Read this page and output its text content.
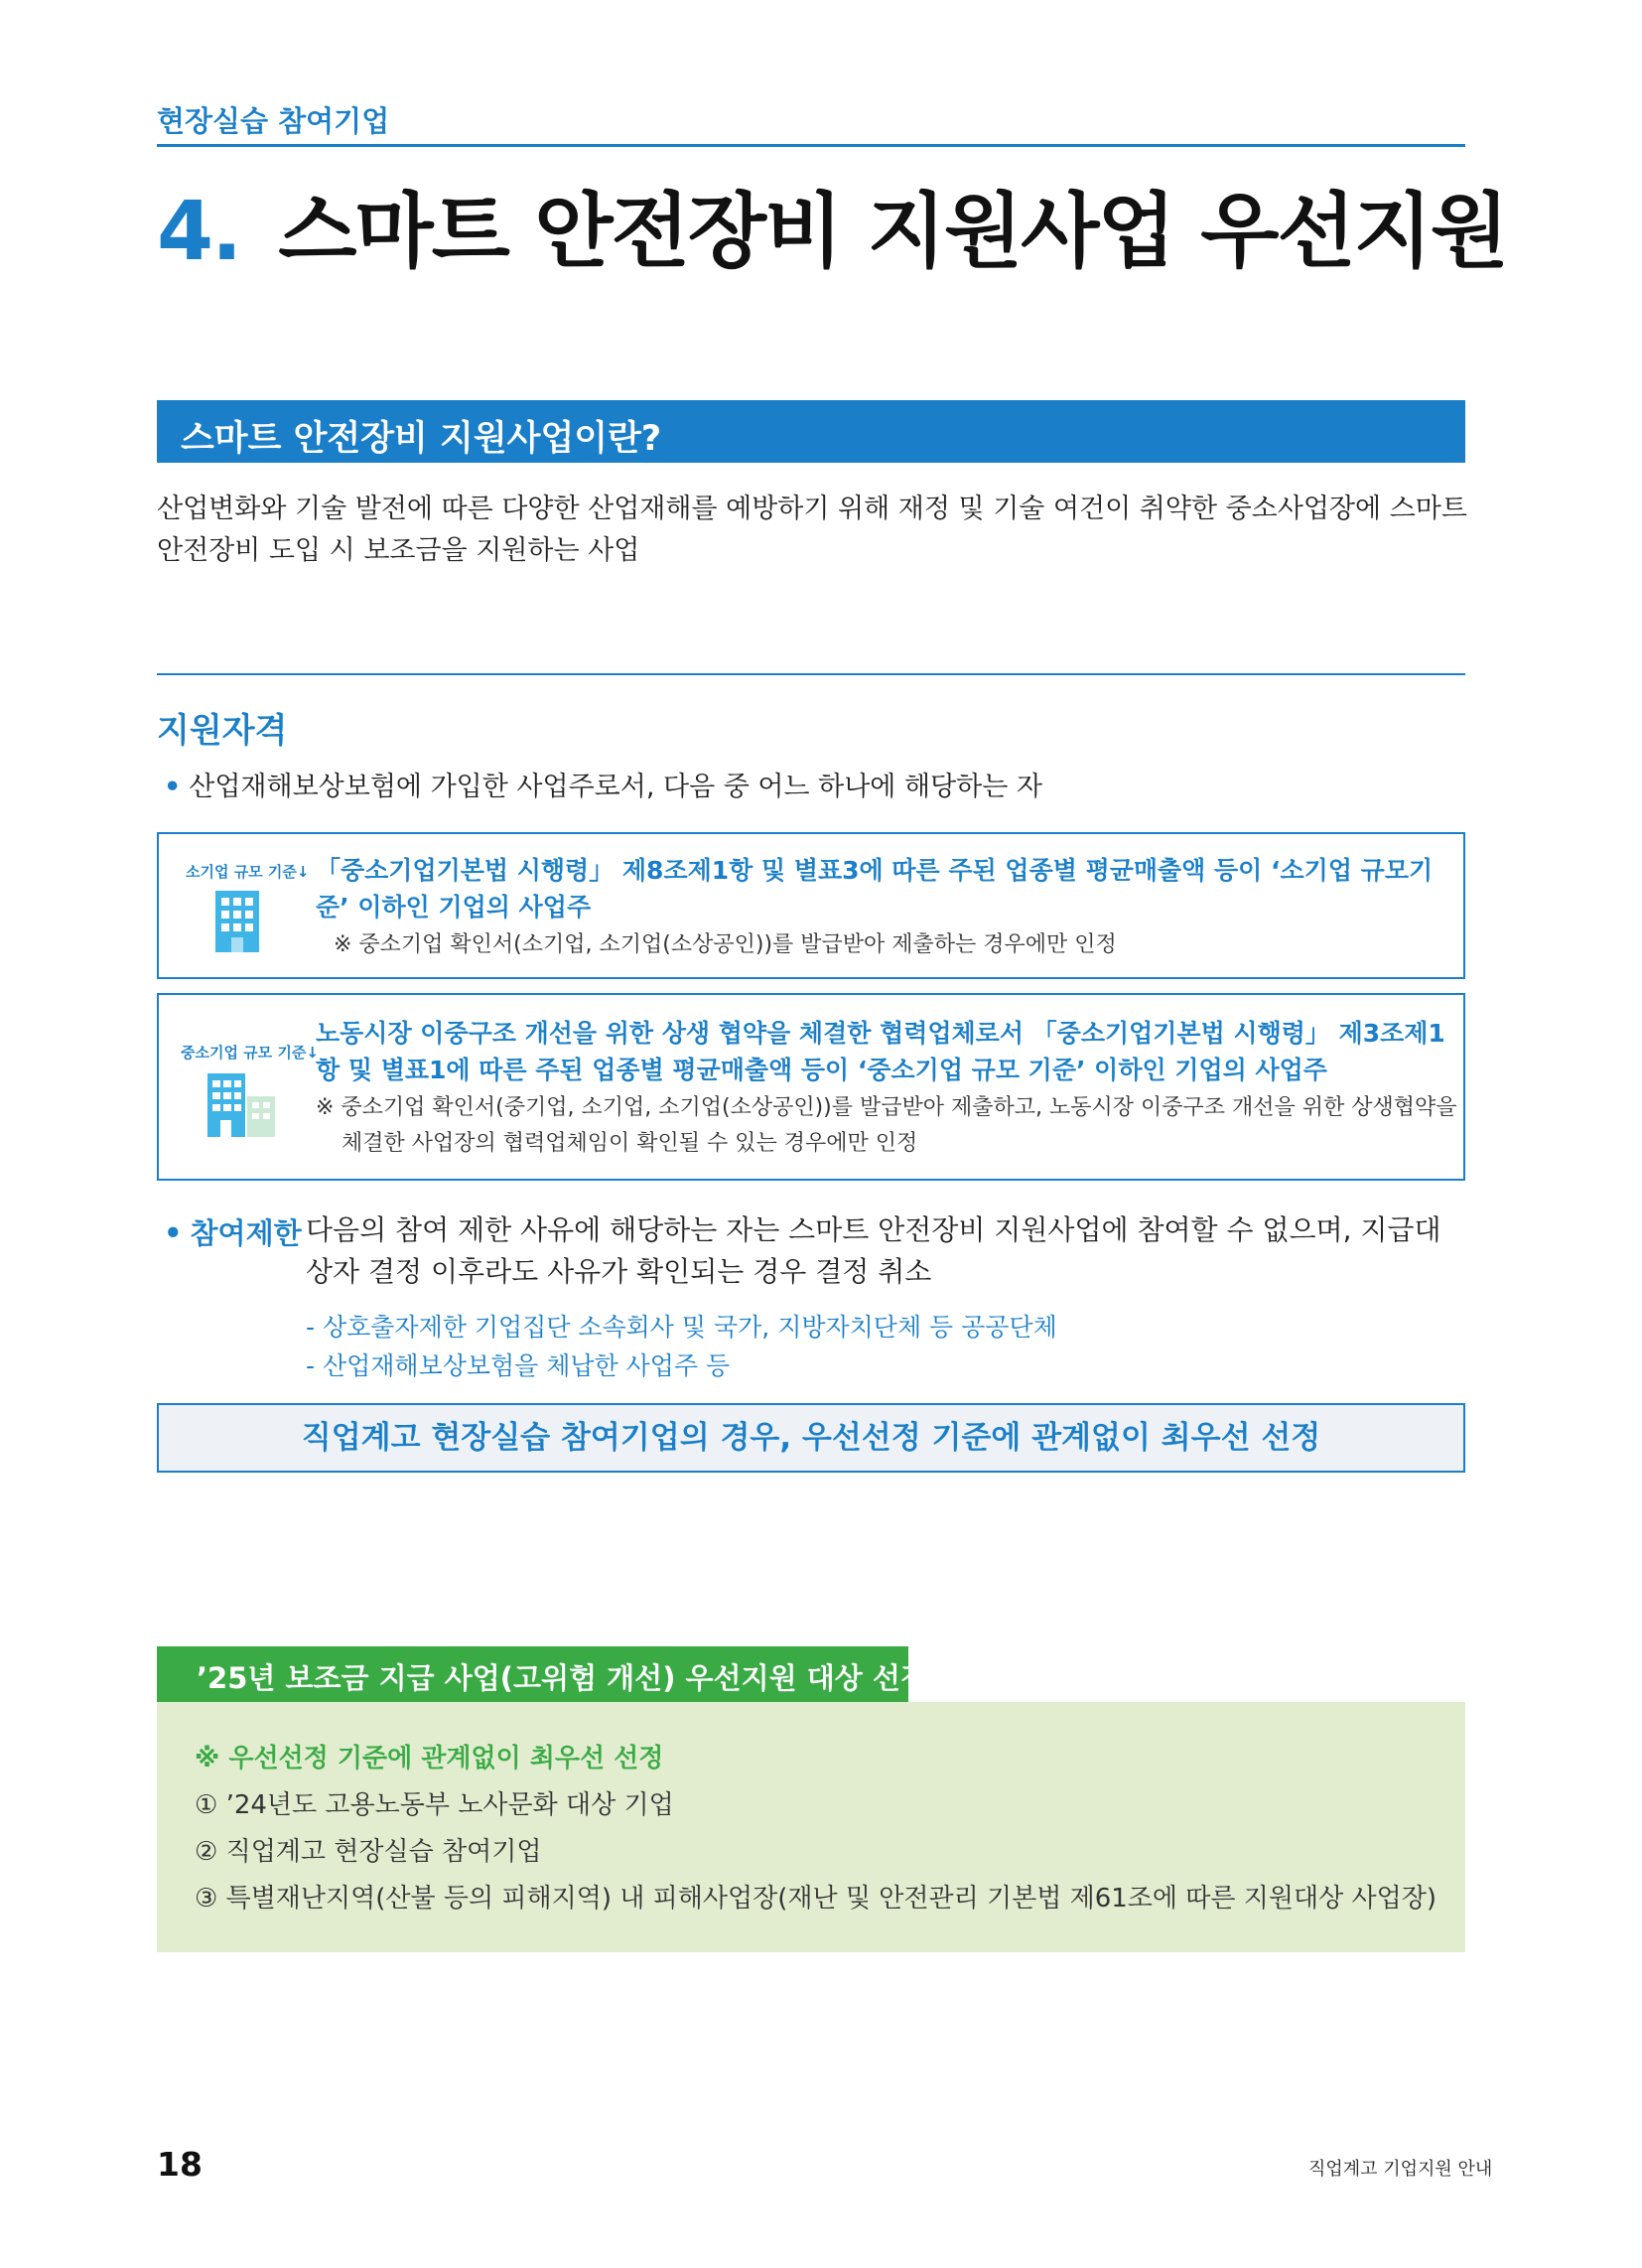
현장실습 참여기업
4. 스마트 안전장비 지원사업 우선지원
스마트 안전장비 지원사업이란?
산업변화와 기술 발전에 따른 다양한 산업재해를 예방하기 위해 재정 및 기술 여건이 취약한 중소사업장에 스마트 안전장비 도입 시 보조금을 지원하는 사업
지원자격
• 산업재해보상보험에 가입한 사업주로서, 다음 중 어느 하나에 해당하는 자
소기업 규모 기준↓ 「중소기업기본법 시행령」 제8조제1항 및 별표3에 따른 주된 업종별 평균매출액 등이 ‘소기업 규모기준’ 이하인 기업의 사업주
※ 중소기업 확인서(소기업, 소기업(소상공인))를 발급받아 제출하는 경우에만 인정
중소기업 규모 기준↓
노동시장 이중구조 개선을 위한 상생 협약을 체결한 협력업체로서 「중소기업기본법 시행령」 제3조제1항 및 별표1에 따른 주된 업종별 평균매출액 등이 ‘중소기업 규모 기준’ 이하인 기업의 사업주
※ 중소기업 확인서(중기업, 소기업, 소기업(소상공인))를 발급받아 제출하고, 노동시장 이중구조 개선을 위한 상생협약을 체결한 사업장의 협력업체임이 확인될 수 있는 경우에만 인정
• 참여제한 다음의 참여 제한 사유에 해당하는 자는 스마트 안전장비 지원사업에 참여할 수 없으며, 지급대상자 결정 이후라도 사유가 확인되는 경우 결정 취소
- 상호출자제한 기업집단 소속회사 및 국가, 지방자치단체 등 공공단체
- 산업재해보상보험을 체납한 사업주 등
직업계고 현장실습 참여기업의 경우, 우선선정 기준에 관계없이 최우선 선정
’25년 보조금 지급 사업(고위험 개선) 우선지원 대상 선정기준
※ 우선선정 기준에 관계없이 최우선 선정
① ’24년도 고용노동부 노사문화 대상 기업
② 직업계고 현장실습 참여기업
③ 특별재난지역(산불 등의 피해지역) 내 피해사업장(재난 및 안전관리 기본법 제61조에 따른 지원대상 사업장)
18	직업계고 기업지원 안내
